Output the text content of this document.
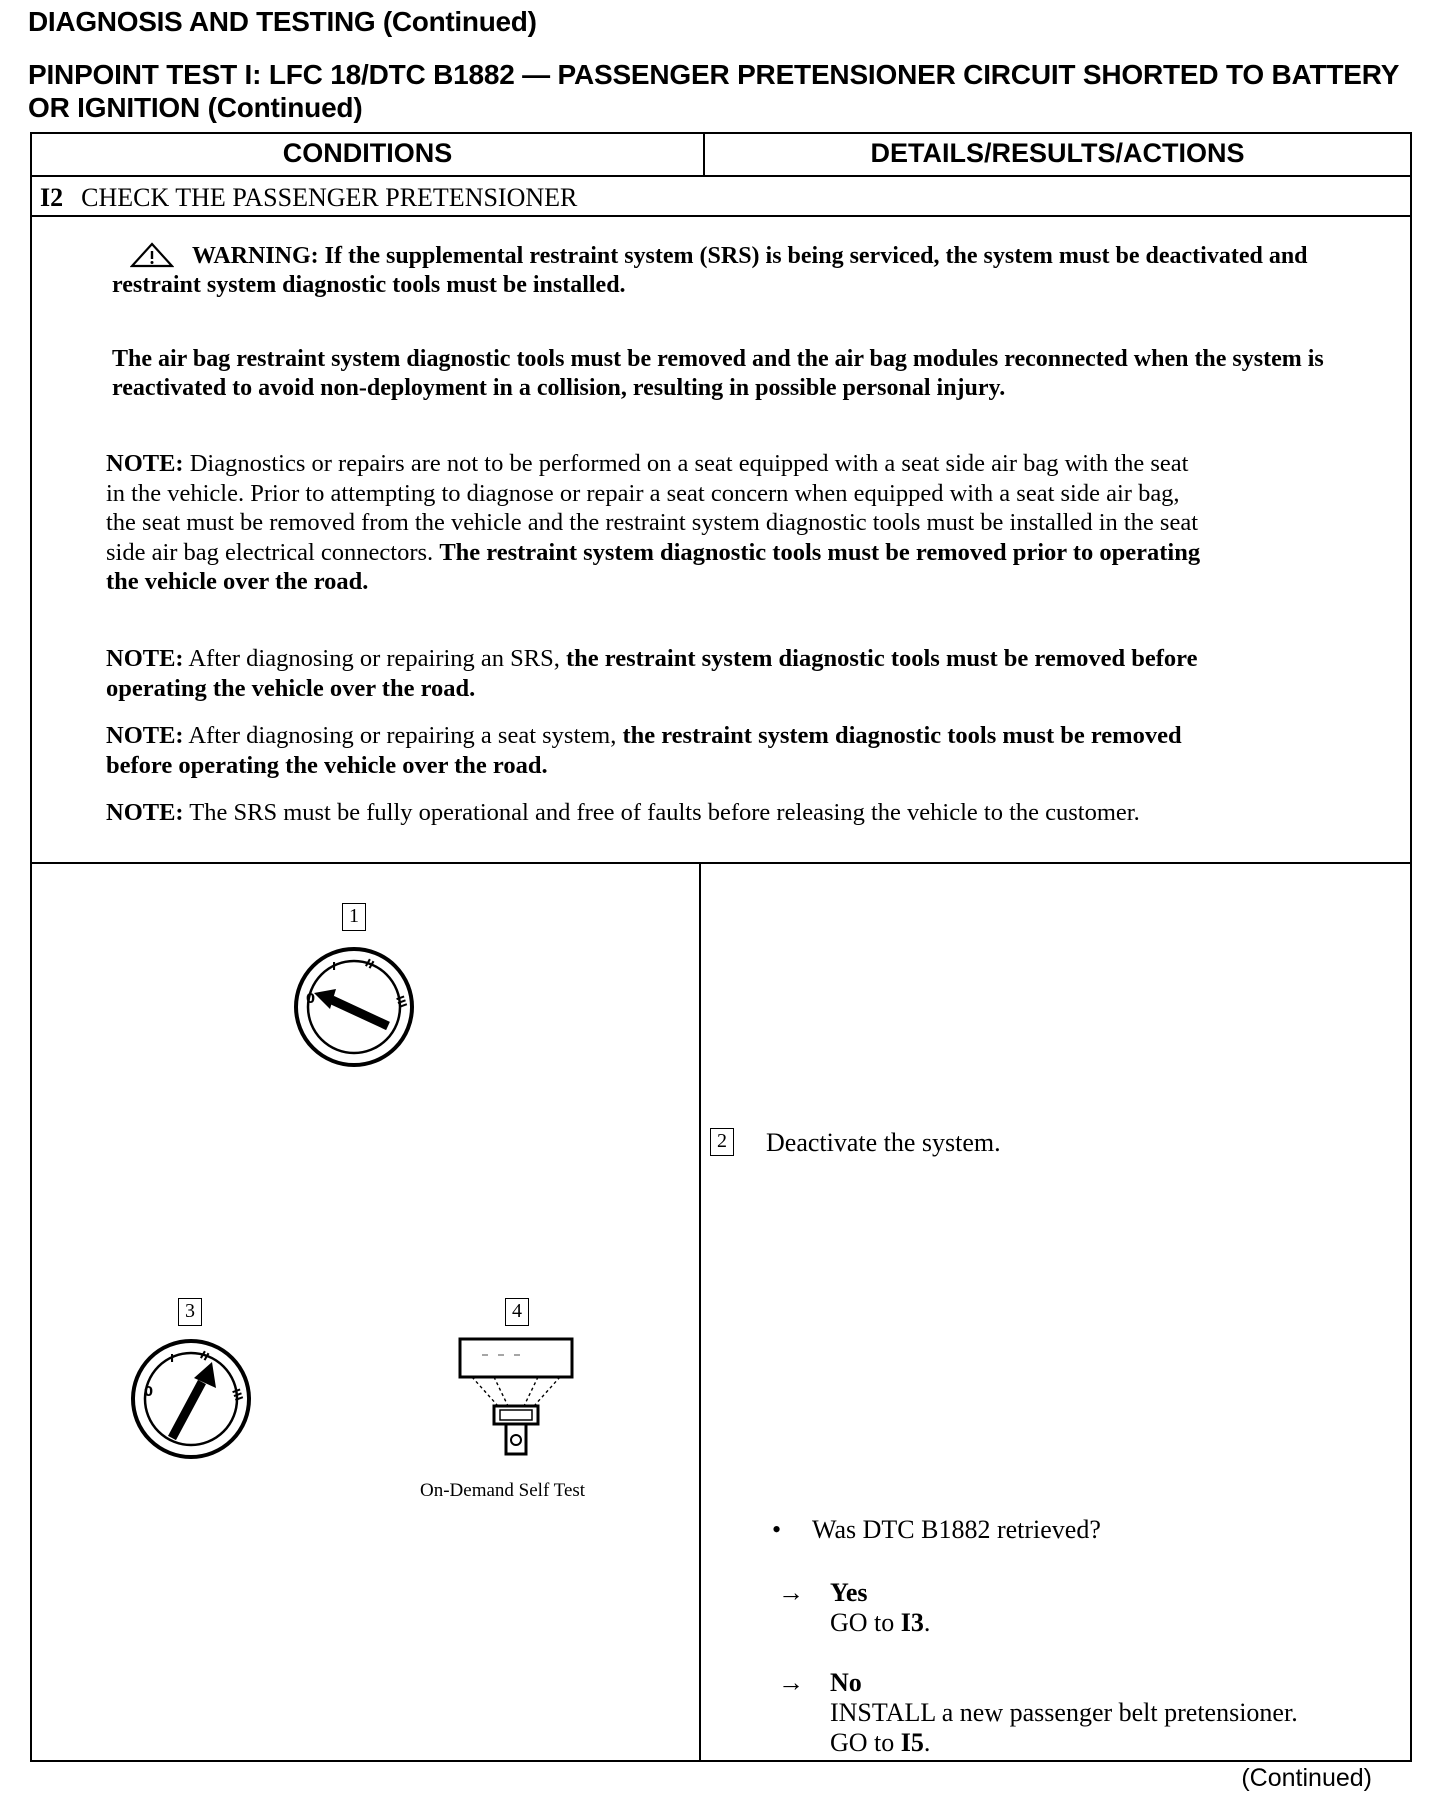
DIAGNOSIS AND TESTING (Continued)
PINPOINT TEST I: LFC 18/DTC B1882 — PASSENGER PRETENSIONER CIRCUIT SHORTED TO BATTERY OR IGNITION (Continued)
CONDITIONS	DETAILS/RESULTS/ACTIONS
I2 CHECK THE PASSENGER PRETENSIONER
WARNING: If the supplemental restraint system (SRS) is being serviced, the system must be deactivated and restraint system diagnostic tools must be installed.
The air bag restraint system diagnostic tools must be removed and the air bag modules reconnected when the system is reactivated to avoid non-deployment in a collision, resulting in possible personal injury.
NOTE: Diagnostics or repairs are not to be performed on a seat equipped with a seat side air bag with the seat in the vehicle. Prior to attempting to diagnose or repair a seat concern when equipped with a seat side air bag, the seat must be removed from the vehicle and the restraint system diagnostic tools must be installed in the seat side air bag electrical connectors. The restraint system diagnostic tools must be removed prior to operating the vehicle over the road.
NOTE: After diagnosing or repairing an SRS, the restraint system diagnostic tools must be removed before operating the vehicle over the road.
NOTE: After diagnosing or repairing a seat system, the restraint system diagnostic tools must be removed before operating the vehicle over the road.
NOTE: The SRS must be fully operational and free of faults before releasing the vehicle to the customer.
1
0
I II
III
3
0
I II
III
4
On-Demand Self Test
2 Deactivate the system.
• Was DTC B1882 retrieved?
→ Yes
GO to I3.
→ No
INSTALL a new passenger belt pretensioner.
GO to I5.
(Continued)
